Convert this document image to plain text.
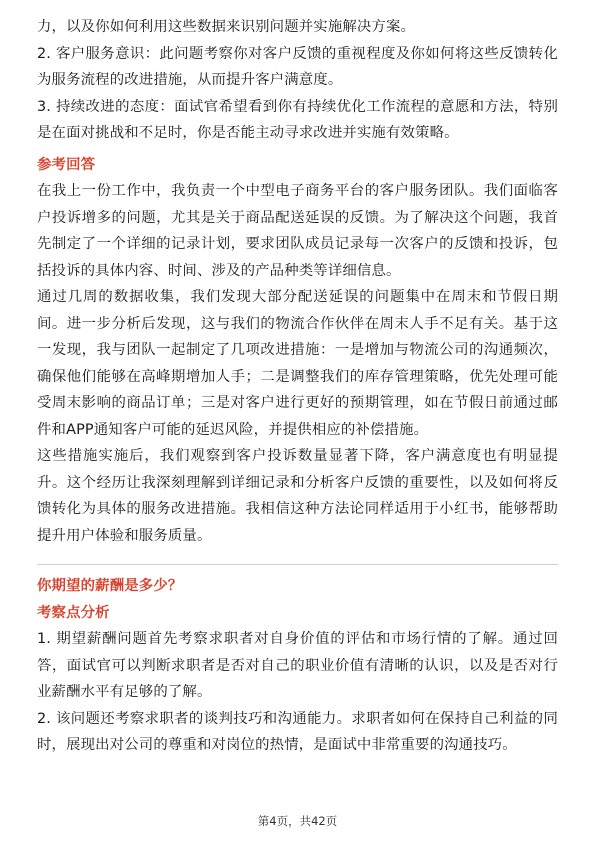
力，以及你如何利用这些数据来识别问题并实施解决方案。

2. 客户服务意识：此问题考察你对客户反馈的重视程度及你如何将这些反馈转化为服务流程的改进措施，从而提升客户满意度。

3. 持续改进的态度：面试官希望看到你有持续优化工作流程的意愿和方法，特别是在面对挑战和不足时，你是否能主动寻求改进并实施有效策略。

参考回答

在我上一份工作中，我负责一个中型电子商务平台的客户服务团队。我们面临客户投诉增多的问题，尤其是关于商品配送延误的反馈。为了解决这个问题，我首先制定了一个详细的记录计划，要求团队成员记录每一次客户的反馈和投诉，包括投诉的具体内容、时间、涉及的产品种类等详细信息。

通过几周的数据收集，我们发现大部分配送延误的问题集中在周末和节假日期间。进一步分析后发现，这与我们的物流合作伙伴在周末人手不足有关。基于这一发现，我与团队一起制定了几项改进措施：一是增加与物流公司的沟通频次，确保他们能够在高峰期增加人手；二是调整我们的库存管理策略，优先处理可能受周末影响的商品订单；三是对客户进行更好的预期管理，如在节假日前通过邮件和APP通知客户可能的延迟风险，并提供相应的补偿措施。

这些措施实施后，我们观察到客户投诉数量显著下降，客户满意度也有明显提升。这个经历让我深刻理解到详细记录和分析客户反馈的重要性，以及如何将反馈转化为具体的服务改进措施。我相信这种方法论同样适用于小红书，能够帮助提升用户体验和服务质量。

你期望的薪酬是多少？
考察点分析

1. 期望薪酬问题首先考察求职者对自身价值的评估和市场行情的了解。通过回答，面试官可以判断求职者是否对自己的职业价值有清晰的认识，以及是否对行业薪酬水平有足够的了解。

2. 该问题还考察求职者的谈判技巧和沟通能力。求职者如何在保持自己利益的同时，展现出对公司的尊重和对岗位的热情，是面试中非常重要的沟通技巧。

第4页，共42页
